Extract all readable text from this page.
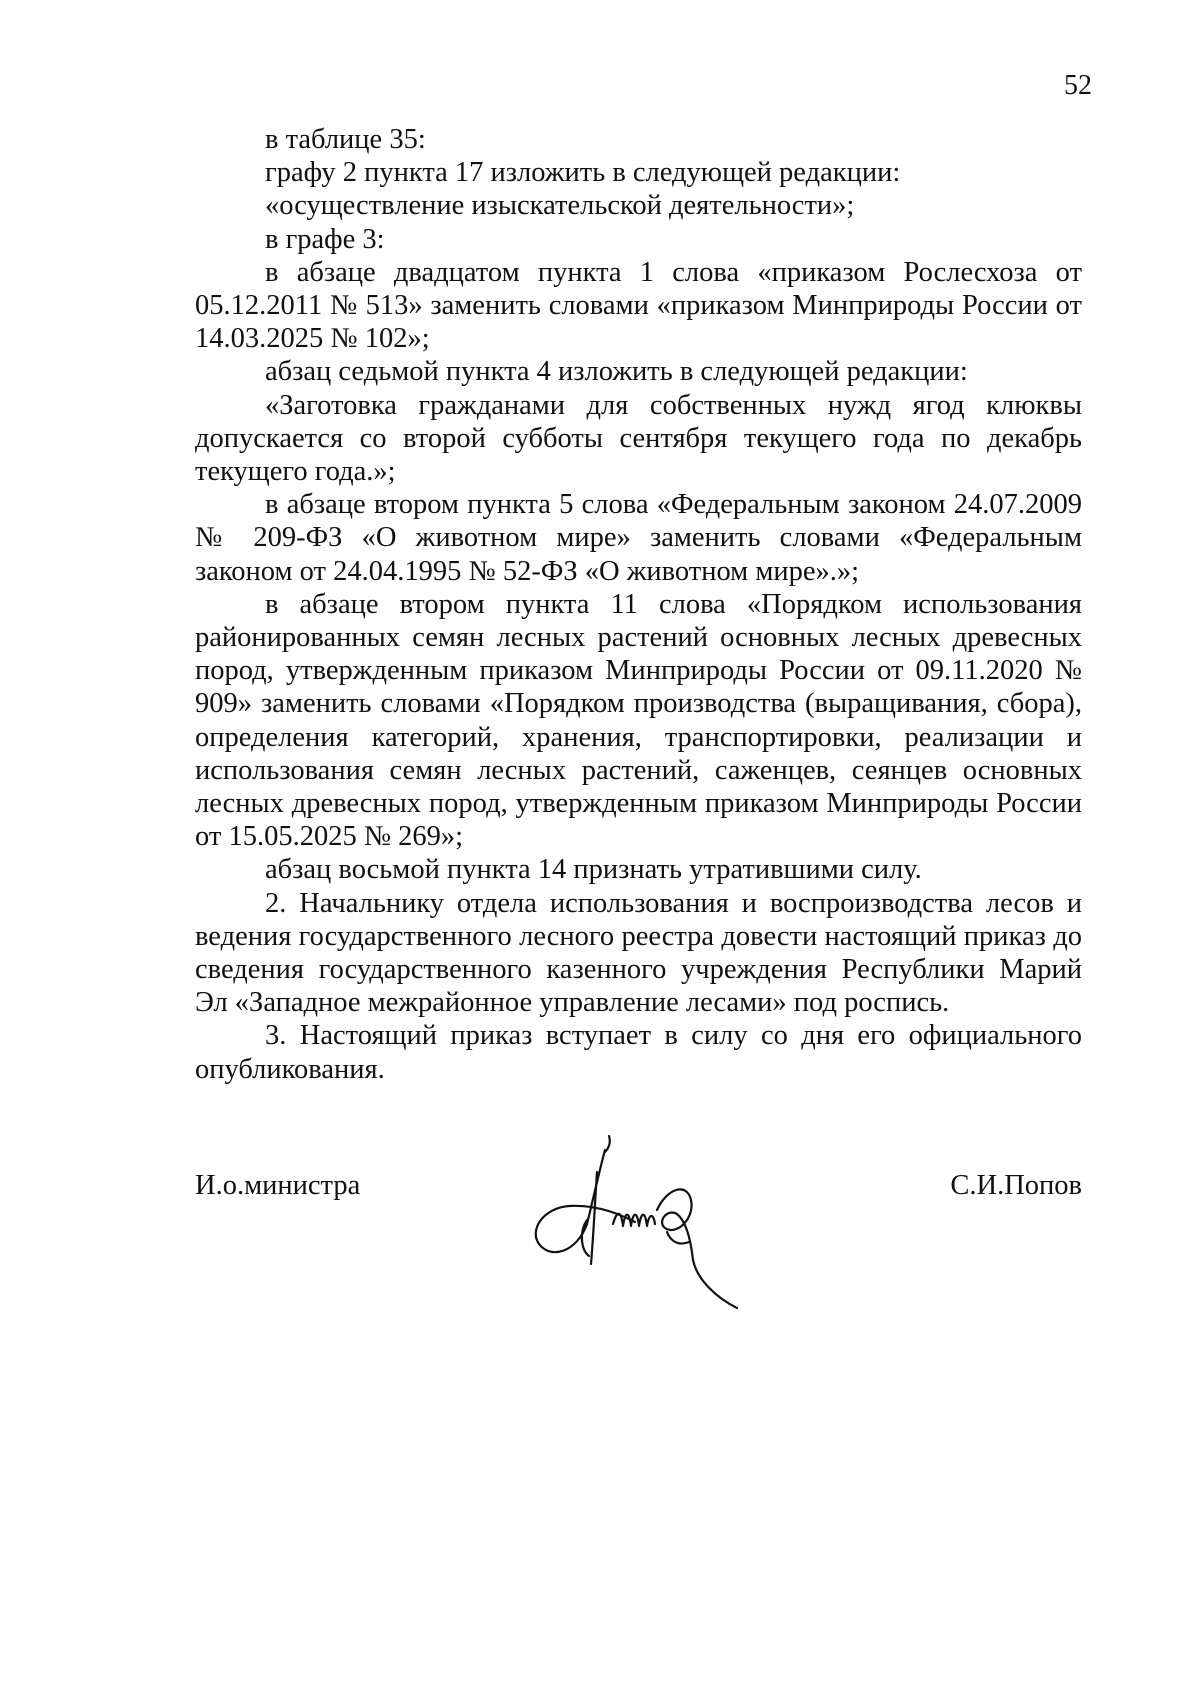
52

в таблице 35:

графу 2 пункта 17 изложить в следующей редакции:

«осуществление изыскательской деятельности»;

в графе 3:

в абзаце двадцатом пункта 1 слова «приказом Рослесхоза от 05.12.2011 № 513» заменить словами «приказом Минприроды России от 14.03.2025 № 102»;

абзац седьмой пункта 4 изложить в следующей редакции:

«Заготовка гражданами для собственных нужд ягод клюквы допускается со второй субботы сентября текущего года по декабрь текущего года.»;

в абзаце втором пункта 5 слова «Федеральным законом 24.07.2009 № 209-ФЗ «О животном мире» заменить словами «Федеральным законом от 24.04.1995 № 52-ФЗ «О животном мире».»;

в абзаце втором пункта 11 слова «Порядком использования районированных семян лесных растений основных лесных древесных пород, утвержденным приказом Минприроды России от 09.11.2020 № 909» заменить словами «Порядком производства (выращивания, сбора), определения категорий, хранения, транспортировки, реализации и использования семян лесных растений, саженцев, сеянцев основных лесных древесных пород, утвержденным приказом Минприроды России от 15.05.2025 № 269»;

абзац восьмой пункта 14 признать утратившими силу.

2. Начальнику отдела использования и воспроизводства лесов и ведения государственного лесного реестра довести настоящий приказ до сведения государственного казенного учреждения Республики Марий Эл «Западное межрайонное управление лесами» под роспись.

3. Настоящий приказ вступает в силу со дня его официального опубликования.

И.о.министра	С.И.Попов
